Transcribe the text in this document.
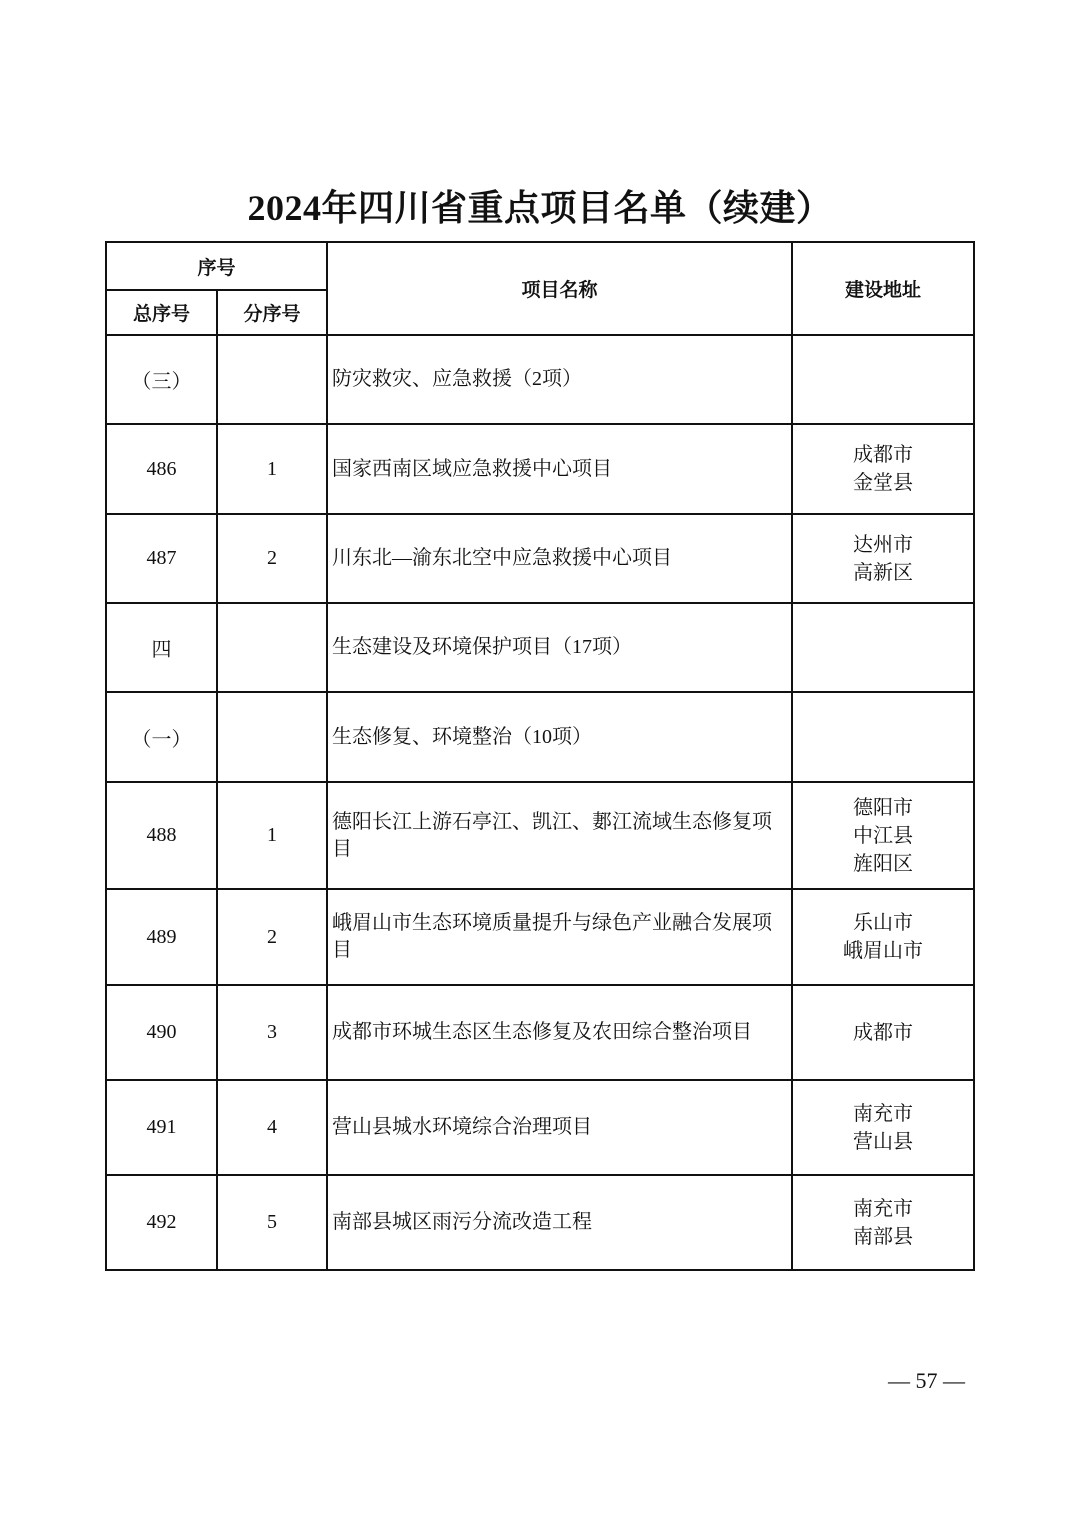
2024年四川省重点项目名单（续建）
序号		项目名称	建设地址
总序号	分序号		
（三）		防灾救灾、应急救援（2项）	
486	1	国家西南区域应急救援中心项目	成都市
金堂县

487	2	川东北—渝东北空中应急救援中心项目	达州市
高新区

四		生态建设及环境保护项目（17项）	
（一）		生态修复、环境整治（10项）	
488	1	德阳长江上游石亭江、凯江、郪江流域生态修复项目	德阳市
中江县
旌阳区

489	2	峨眉山市生态环境质量提升与绿色产业融合发展项目	乐山市
峨眉山市

490	3	成都市环城生态区生态修复及农田综合整治项目	成都市

491	4	营山县城水环境综合治理项目	南充市
营山县

492	5	南部县城区雨污分流改造工程	南充市
南部县
— 57 —
